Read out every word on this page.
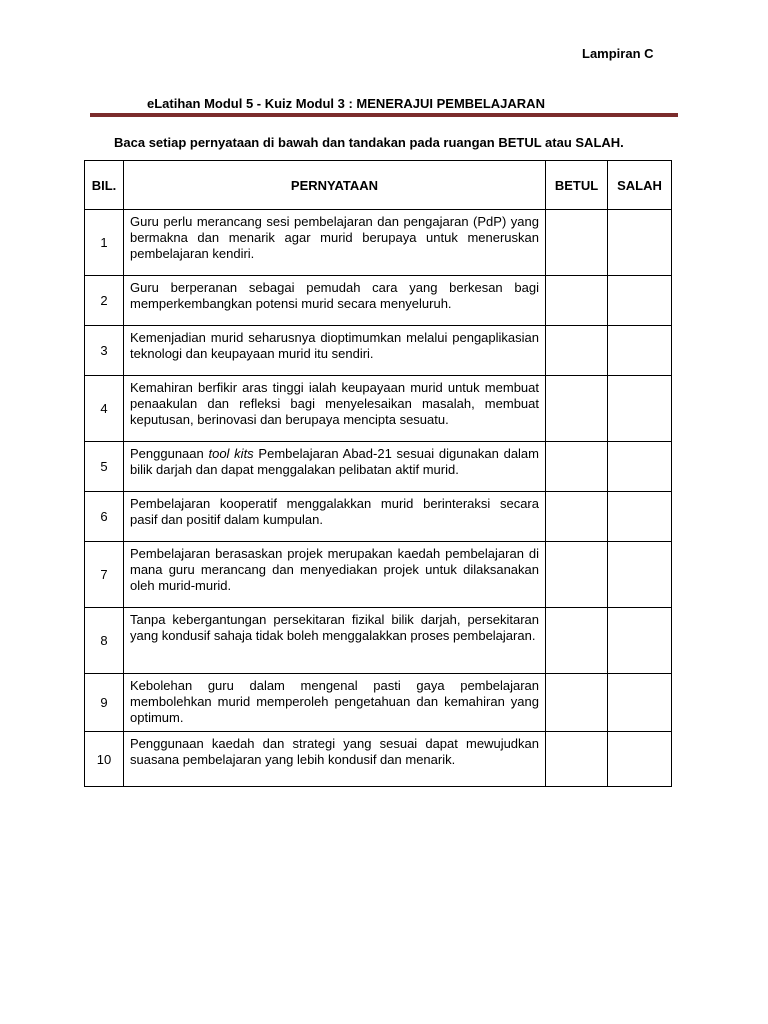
Lampiran C
eLatihan Modul 5 - Kuiz Modul 3 : MENERAJUI PEMBELAJARAN
Baca setiap pernyataan di bawah dan tandakan pada ruangan BETUL atau SALAH.
BIL.	PERNYATAAN	BETUL	SALAH
1	Guru perlu merancang sesi pembelajaran dan pengajaran (PdP) yang bermakna dan menarik agar murid berupaya untuk meneruskan pembelajaran kendiri.		
2	Guru berperanan sebagai pemudah cara yang berkesan bagi memperkembangkan potensi murid secara menyeluruh.		
3	Kemenjadian murid seharusnya dioptimumkan melalui pengaplikasian teknologi dan keupayaan murid itu sendiri.		
4	Kemahiran berfikir aras tinggi ialah keupayaan murid untuk membuat penaakulan dan refleksi bagi menyelesaikan masalah, membuat keputusan, berinovasi dan berupaya mencipta sesuatu.		
5	Penggunaan tool kits Pembelajaran Abad-21 sesuai digunakan dalam bilik darjah dan dapat menggalakan pelibatan aktif murid.		
6	Pembelajaran kooperatif menggalakkan murid berinteraksi secara pasif dan positif dalam kumpulan.		
7	Pembelajaran berasaskan projek merupakan kaedah pembelajaran di mana guru merancang dan menyediakan projek untuk dilaksanakan oleh murid-murid.		
8	Tanpa kebergantungan persekitaran fizikal bilik darjah, persekitaran yang kondusif sahaja tidak boleh menggalakkan proses pembelajaran.		
9	Kebolehan guru dalam mengenal pasti gaya pembelajaran membolehkan murid memperoleh pengetahuan dan kemahiran yang optimum.		
10	Penggunaan kaedah dan strategi yang sesuai dapat mewujudkan suasana pembelajaran yang lebih kondusif dan menarik.		
